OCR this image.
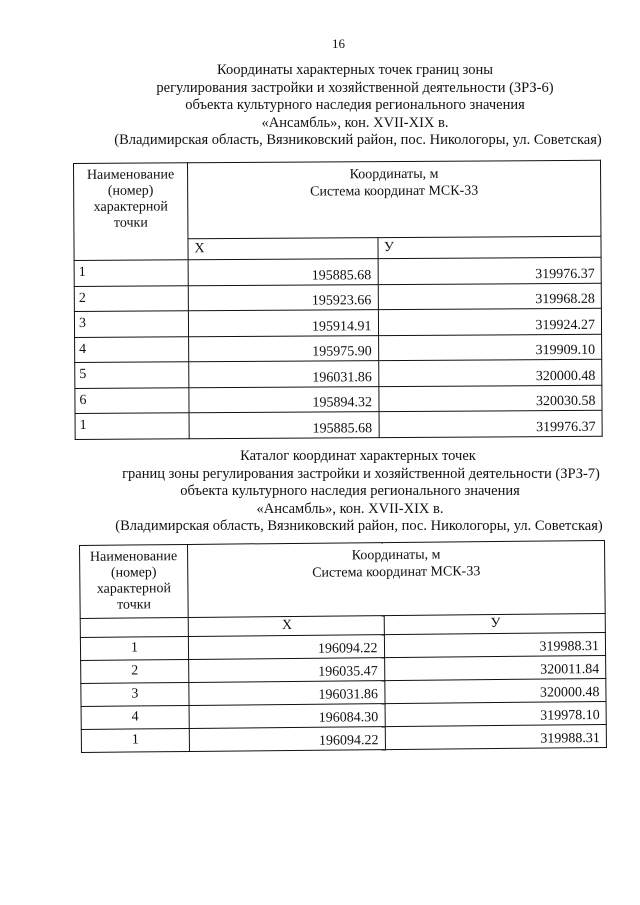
16
Координаты характерных точек границ зоны
регулирования застройки и хозяйственной деятельности (ЗРЗ-6)
объекта культурного наследия регионального значения
«Ансамбль», кон. XVII-XIX в.
(Владимирская область, Вязниковский район, пос. Никологоры, ул. Советская)
Наименование (номер) характерной точки	Координаты, м
Система координат МСК-33	
	X	У
1	195885.68	319976.37
2	195923.66	319968.28
3	195914.91	319924.27
4	195975.90	319909.10
5	196031.86	320000.48
6	195894.32	320030.58
1	195885.68	319976.37
Каталог координат характерных точек
границ зоны регулирования застройки и хозяйственной деятельности (ЗРЗ-7)
объекта культурного наследия регионального значения
«Ансамбль», кон. XVII-XIX в.
(Владимирская область, Вязниковский район, пос. Никологоры, ул. Советская)
Наименование (номер) характерной точки	Координаты, м
Система координат МСК-33	
	X	У
1	196094.22	319988.31
2	196035.47	320011.84
3	196031.86	320000.48
4	196084.30	319978.10
1	196094.22	319988.31
